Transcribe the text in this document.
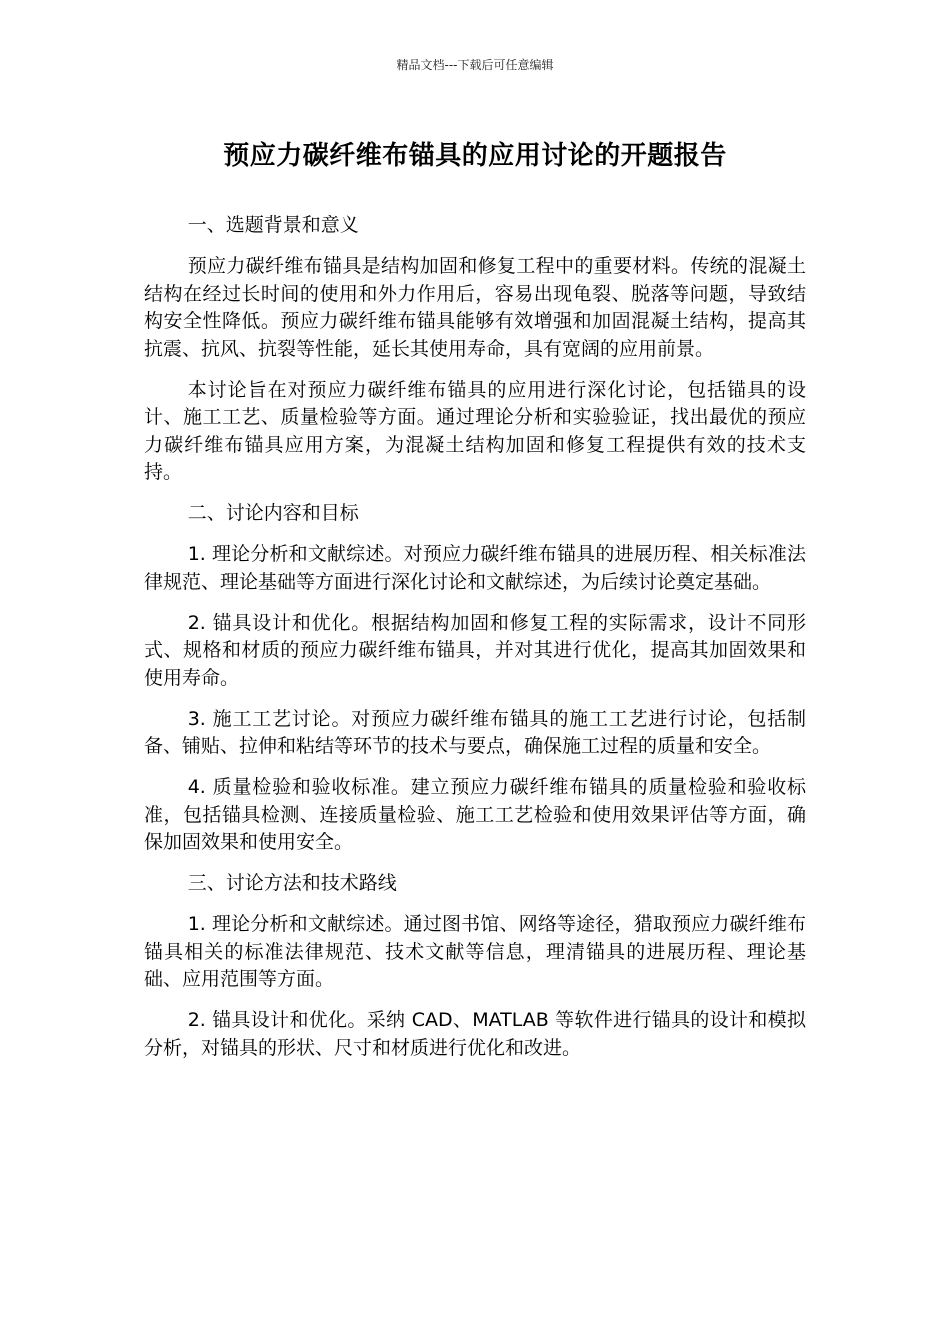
精品文档---下载后可任意编辑
预应力碳纤维布锚具的应用讨论的开题报告

一、选题背景和意义

预应力碳纤维布锚具是结构加固和修复工程中的重要材料。传统的混凝土结构在经过长时间的使用和外力作用后，容易出现龟裂、脱落等问题，导致结构安全性降低。预应力碳纤维布锚具能够有效增强和加固混凝土结构，提高其抗震、抗风、抗裂等性能，延长其使用寿命，具有宽阔的应用前景。

本讨论旨在对预应力碳纤维布锚具的应用进行深化讨论，包括锚具的设计、施工工艺、质量检验等方面。通过理论分析和实验验证，找出最优的预应力碳纤维布锚具应用方案，为混凝土结构加固和修复工程提供有效的技术支持。

二、讨论内容和目标

1. 理论分析和文献综述。对预应力碳纤维布锚具的进展历程、相关标准法律规范、理论基础等方面进行深化讨论和文献综述，为后续讨论奠定基础。

2. 锚具设计和优化。根据结构加固和修复工程的实际需求，设计不同形式、规格和材质的预应力碳纤维布锚具，并对其进行优化，提高其加固效果和使用寿命。

3. 施工工艺讨论。对预应力碳纤维布锚具的施工工艺进行讨论，包括制备、铺贴、拉伸和粘结等环节的技术与要点，确保施工过程的质量和安全。

4. 质量检验和验收标准。建立预应力碳纤维布锚具的质量检验和验收标准，包括锚具检测、连接质量检验、施工工艺检验和使用效果评估等方面，确保加固效果和使用安全。

三、讨论方法和技术路线

1. 理论分析和文献综述。通过图书馆、网络等途径，猎取预应力碳纤维布锚具相关的标准法律规范、技术文献等信息，理清锚具的进展历程、理论基础、应用范围等方面。

2. 锚具设计和优化。采纳 CAD、MATLAB 等软件进行锚具的设计和模拟分析，对锚具的形状、尺寸和材质进行优化和改进。
